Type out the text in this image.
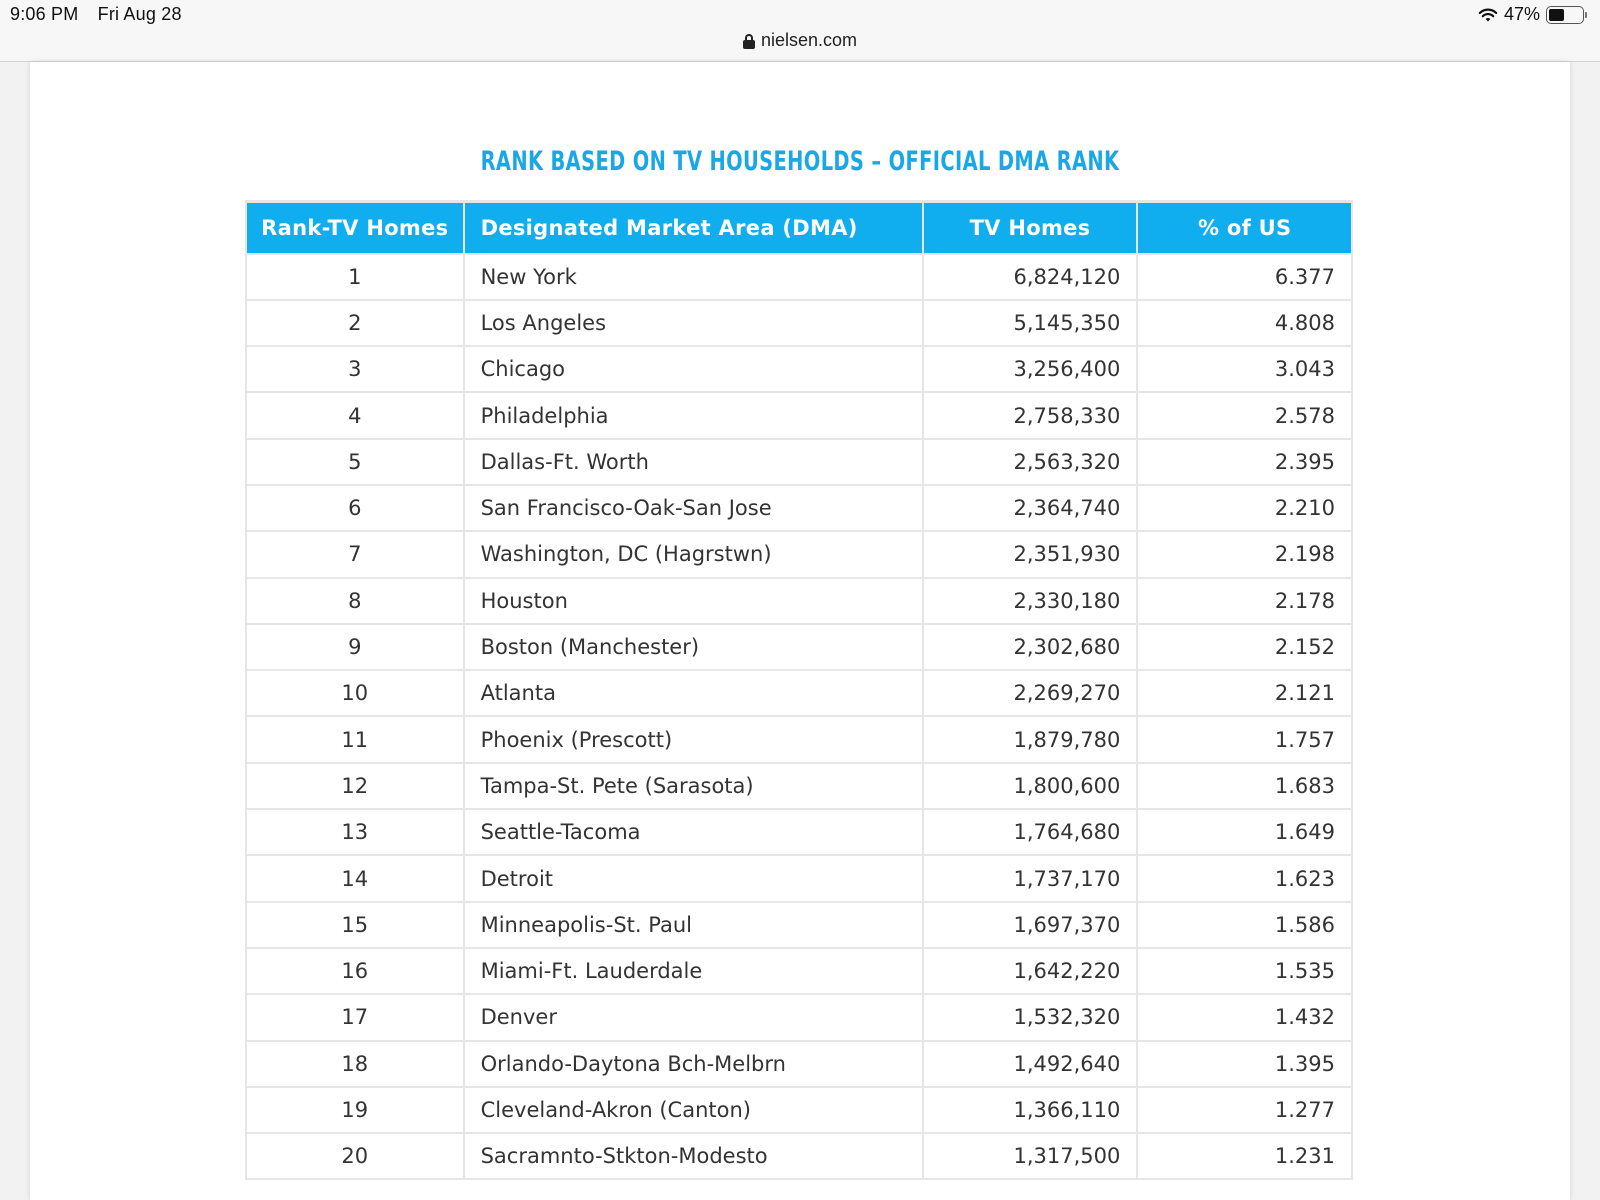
9:06 PM Fri Aug 28	47%
nielsen.com
RANK BASED ON TV HOUSEHOLDS – OFFICIAL DMA RANK
Rank-TV Homes	Designated Market Area (DMA)	TV Homes	% of US
1	New York	6,824,120	6.377
2	Los Angeles	5,145,350	4.808
3	Chicago	3,256,400	3.043
4	Philadelphia	2,758,330	2.578
5	Dallas-Ft. Worth	2,563,320	2.395
6	San Francisco-Oak-San Jose	2,364,740	2.210
7	Washington, DC (Hagrstwn)	2,351,930	2.198
8	Houston	2,330,180	2.178
9	Boston (Manchester)	2,302,680	2.152
10	Atlanta	2,269,270	2.121
11	Phoenix (Prescott)	1,879,780	1.757
12	Tampa-St. Pete (Sarasota)	1,800,600	1.683
13	Seattle-Tacoma	1,764,680	1.649
14	Detroit	1,737,170	1.623
15	Minneapolis-St. Paul	1,697,370	1.586
16	Miami-Ft. Lauderdale	1,642,220	1.535
17	Denver	1,532,320	1.432
18	Orlando-Daytona Bch-Melbrn	1,492,640	1.395
19	Cleveland-Akron (Canton)	1,366,110	1.277
20	Sacramnto-Stkton-Modesto	1,317,500	1.231
